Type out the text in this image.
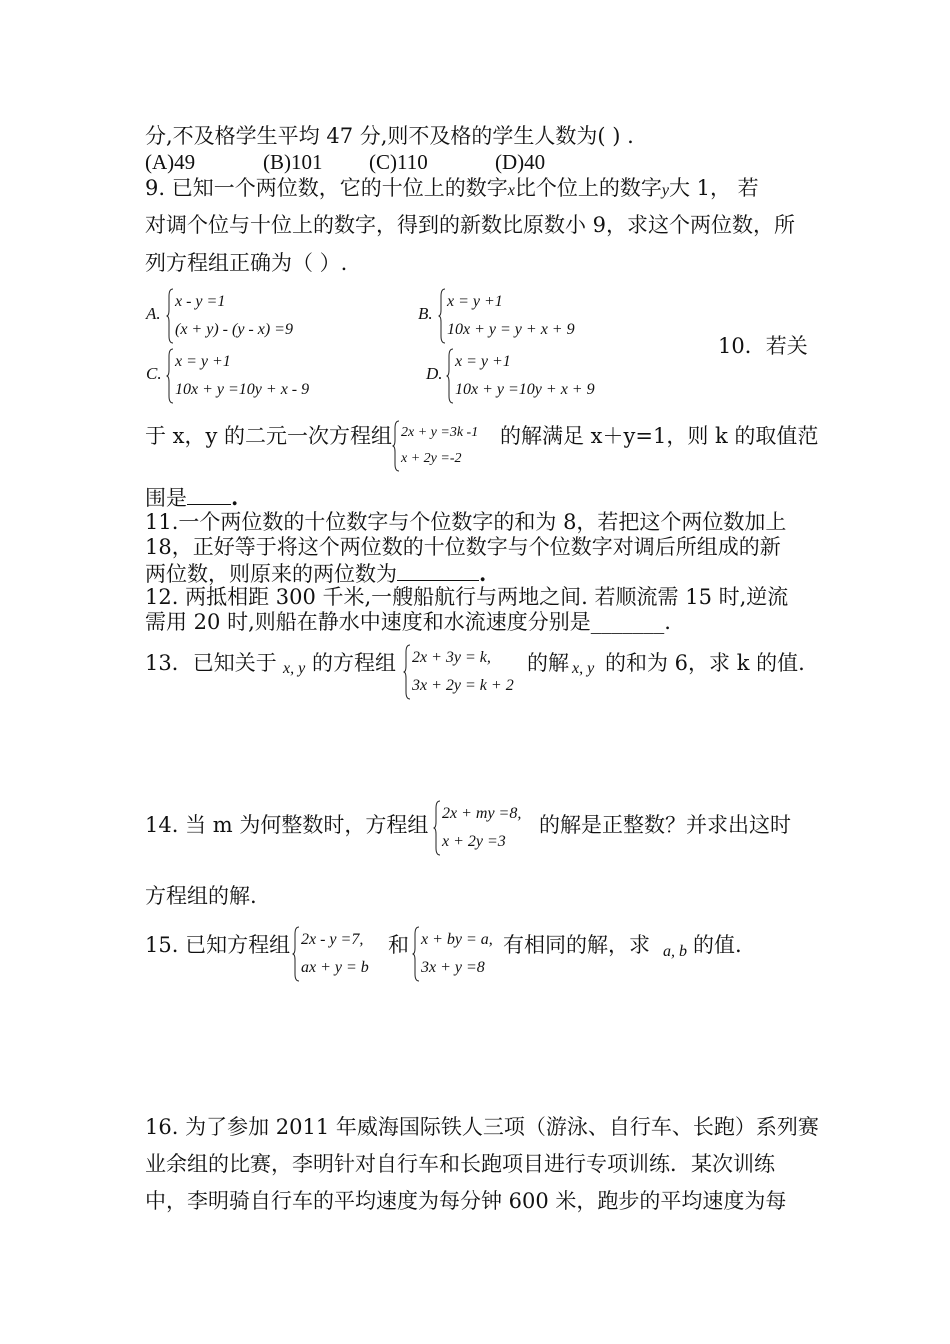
分,不及格学生平均 47 分,则不及格的学生人数为( ) .
(A)49	(B)101 (C)110	(D)40
9. 已知一个两位数，它的十位上的数字x比个位上的数字y大 1， 若
对调个位与十位上的数字，得到的新数比原数小 9，求这个两位数，所
列方程组正确为（ ）.
A.
x - y =1
(x + y) - (y - x) =9
B.
x = y +1
10x + y = y + x + 9
10．若关
C.
x = y +1
10x + y =10y + x - 9
D.
x = y +1
10x + y =10y + x + 9
于 x，y 的二元一次方程组 2x + y =3k -1
x + 2y =-2
的解满足 x＋y=1，则 k 的取值范
围是 .
11.一个两位数的十位数字与个位数字的和为 8，若把这个两位数加上
18，正好等于将这个两位数的十位数字与个位数字对调后所组成的新
两位数，则原来的两位数为	.
12. 两抵相距 300 千米,一艘船航行与两地之间. 若顺流需 15 时,逆流
需用 20 时,则船在静水中速度和水流速度分别是_______.
13．已知关于 x, y 的方程组 2x + 3y = k,
3x + 2y = k + 2
的解 x, y 的和为 6，求 k 的值.
14. 当 m 为何整数时，方程组 2x + my =8,
x + 2y =3
的解是正整数？并求出这时
方程组的解.
15. 已知方程组 2x - y =7,
ax + y = b
和 x + by = a,
3x + y =8
有相同的解，求 a, b 的值.
16. 为了参加 2011 年威海国际铁人三项（游泳、自行车、长跑）系列赛
业余组的比赛，李明针对自行车和长跑项目进行专项训练．某次训练
中，李明骑自行车的平均速度为每分钟 600 米，跑步的平均速度为每
